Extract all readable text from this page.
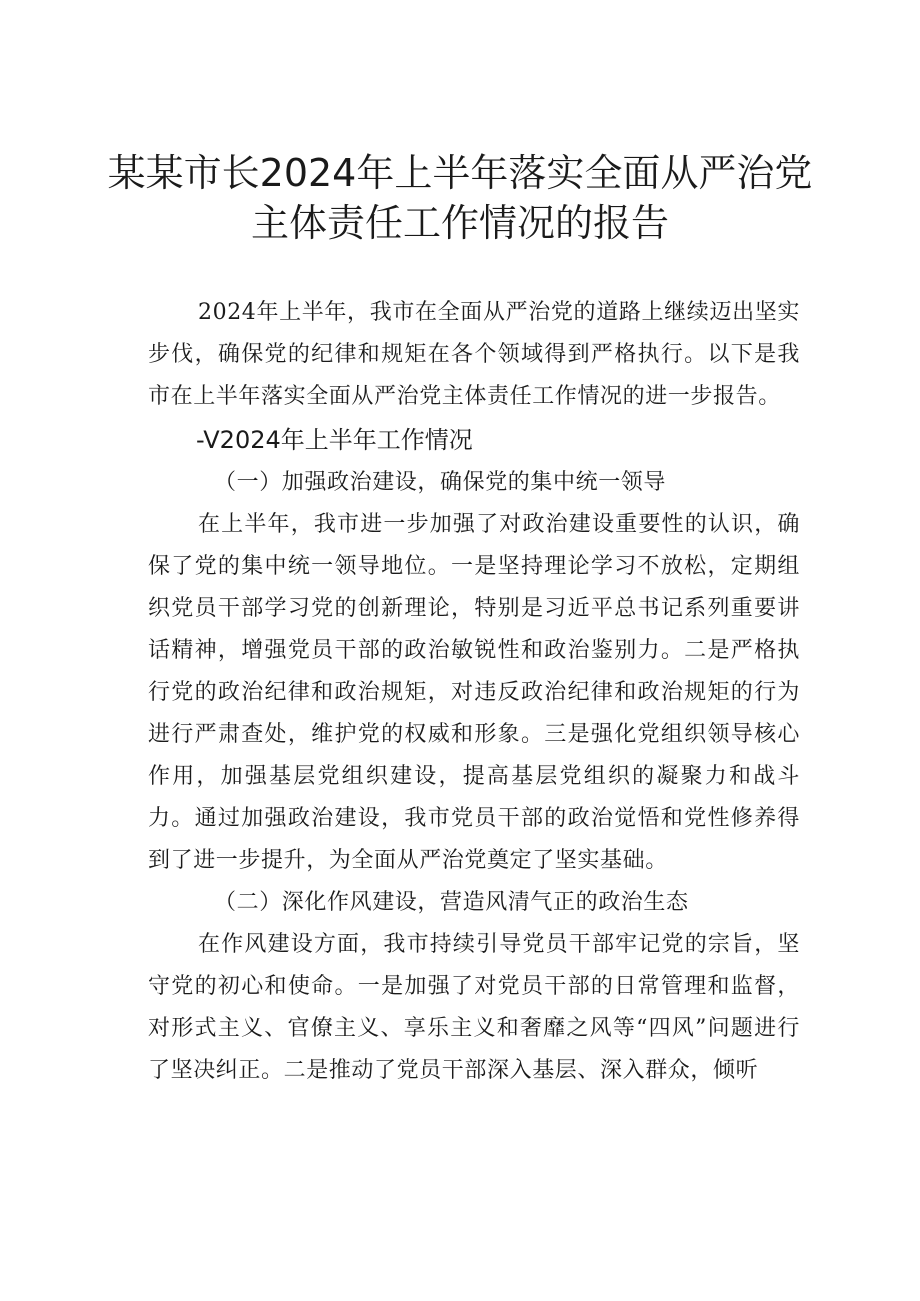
某某市长2024年上半年落实全面从严治党
主体责任工作情况的报告

2024年上半年，我市在全面从严治党的道路上继续迈出坚实步伐，确保党的纪律和规矩在各个领域得到严格执行。以下是我市在上半年落实全面从严治党主体责任工作情况的进一步报告。

-V2024年上半年工作情况

（一）加强政治建设，确保党的集中统一领导

在上半年，我市进一步加强了对政治建设重要性的认识，确保了党的集中统一领导地位。一是坚持理论学习不放松，定期组织党员干部学习党的创新理论，特别是习近平总书记系列重要讲话精神，增强党员干部的政治敏锐性和政治鉴别力。二是严格执行党的政治纪律和政治规矩，对违反政治纪律和政治规矩的行为进行严肃查处，维护党的权威和形象。三是强化党组织领导核心作用，加强基层党组织建设，提高基层党组织的凝聚力和战斗力。通过加强政治建设，我市党员干部的政治觉悟和党性修养得到了进一步提升，为全面从严治党奠定了坚实基础。

（二）深化作风建设，营造风清气正的政治生态

在作风建设方面，我市持续引导党员干部牢记党的宗旨，坚守党的初心和使命。一是加强了对党员干部的日常管理和监督，对形式主义、官僚主义、享乐主义和奢靡之风等“四风”问题进行了坚决纠正。二是推动了党员干部深入基层、深入群众，倾听
